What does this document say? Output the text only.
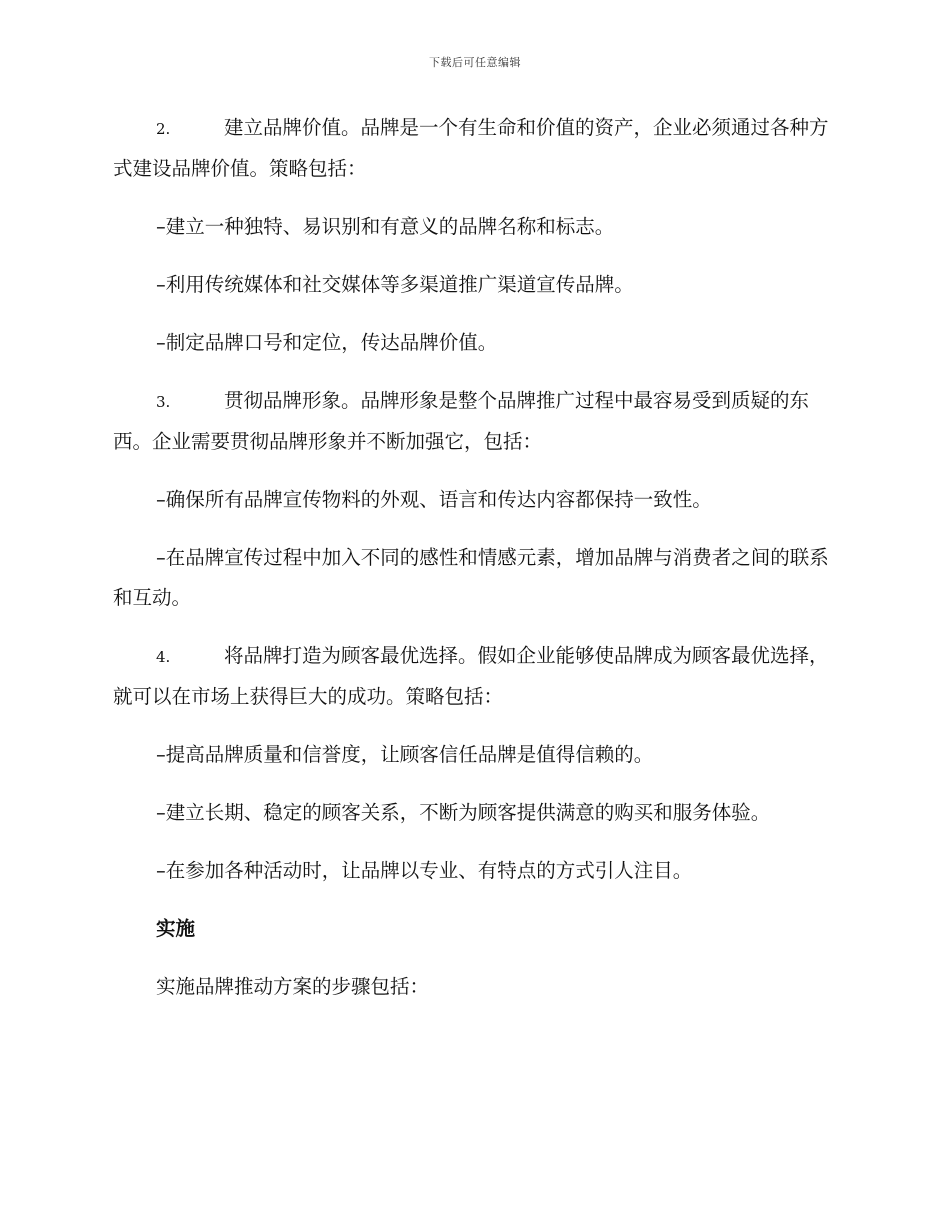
下载后可任意编辑

2.	建立品牌价值。品牌是一个有生命和价值的资产，企业必须通过各种方式建设品牌价值。策略包括：

–建立一种独特、易识别和有意义的品牌名称和标志。

–利用传统媒体和社交媒体等多渠道推广渠道宣传品牌。

–制定品牌口号和定位，传达品牌价值。

3.	贯彻品牌形象。品牌形象是整个品牌推广过程中最容易受到质疑的东西。企业需要贯彻品牌形象并不断加强它，包括：

–确保所有品牌宣传物料的外观、语言和传达内容都保持一致性。

–在品牌宣传过程中加入不同的感性和情感元素，增加品牌与消费者之间的联系和互动。

4.	将品牌打造为顾客最优选择。假如企业能够使品牌成为顾客最优选择，就可以在市场上获得巨大的成功。策略包括：

–提高品牌质量和信誉度，让顾客信任品牌是值得信赖的。

–建立长期、稳定的顾客关系，不断为顾客提供满意的购买和服务体验。

–在参加各种活动时，让品牌以专业、有特点的方式引人注目。

实施

实施品牌推动方案的步骤包括：
